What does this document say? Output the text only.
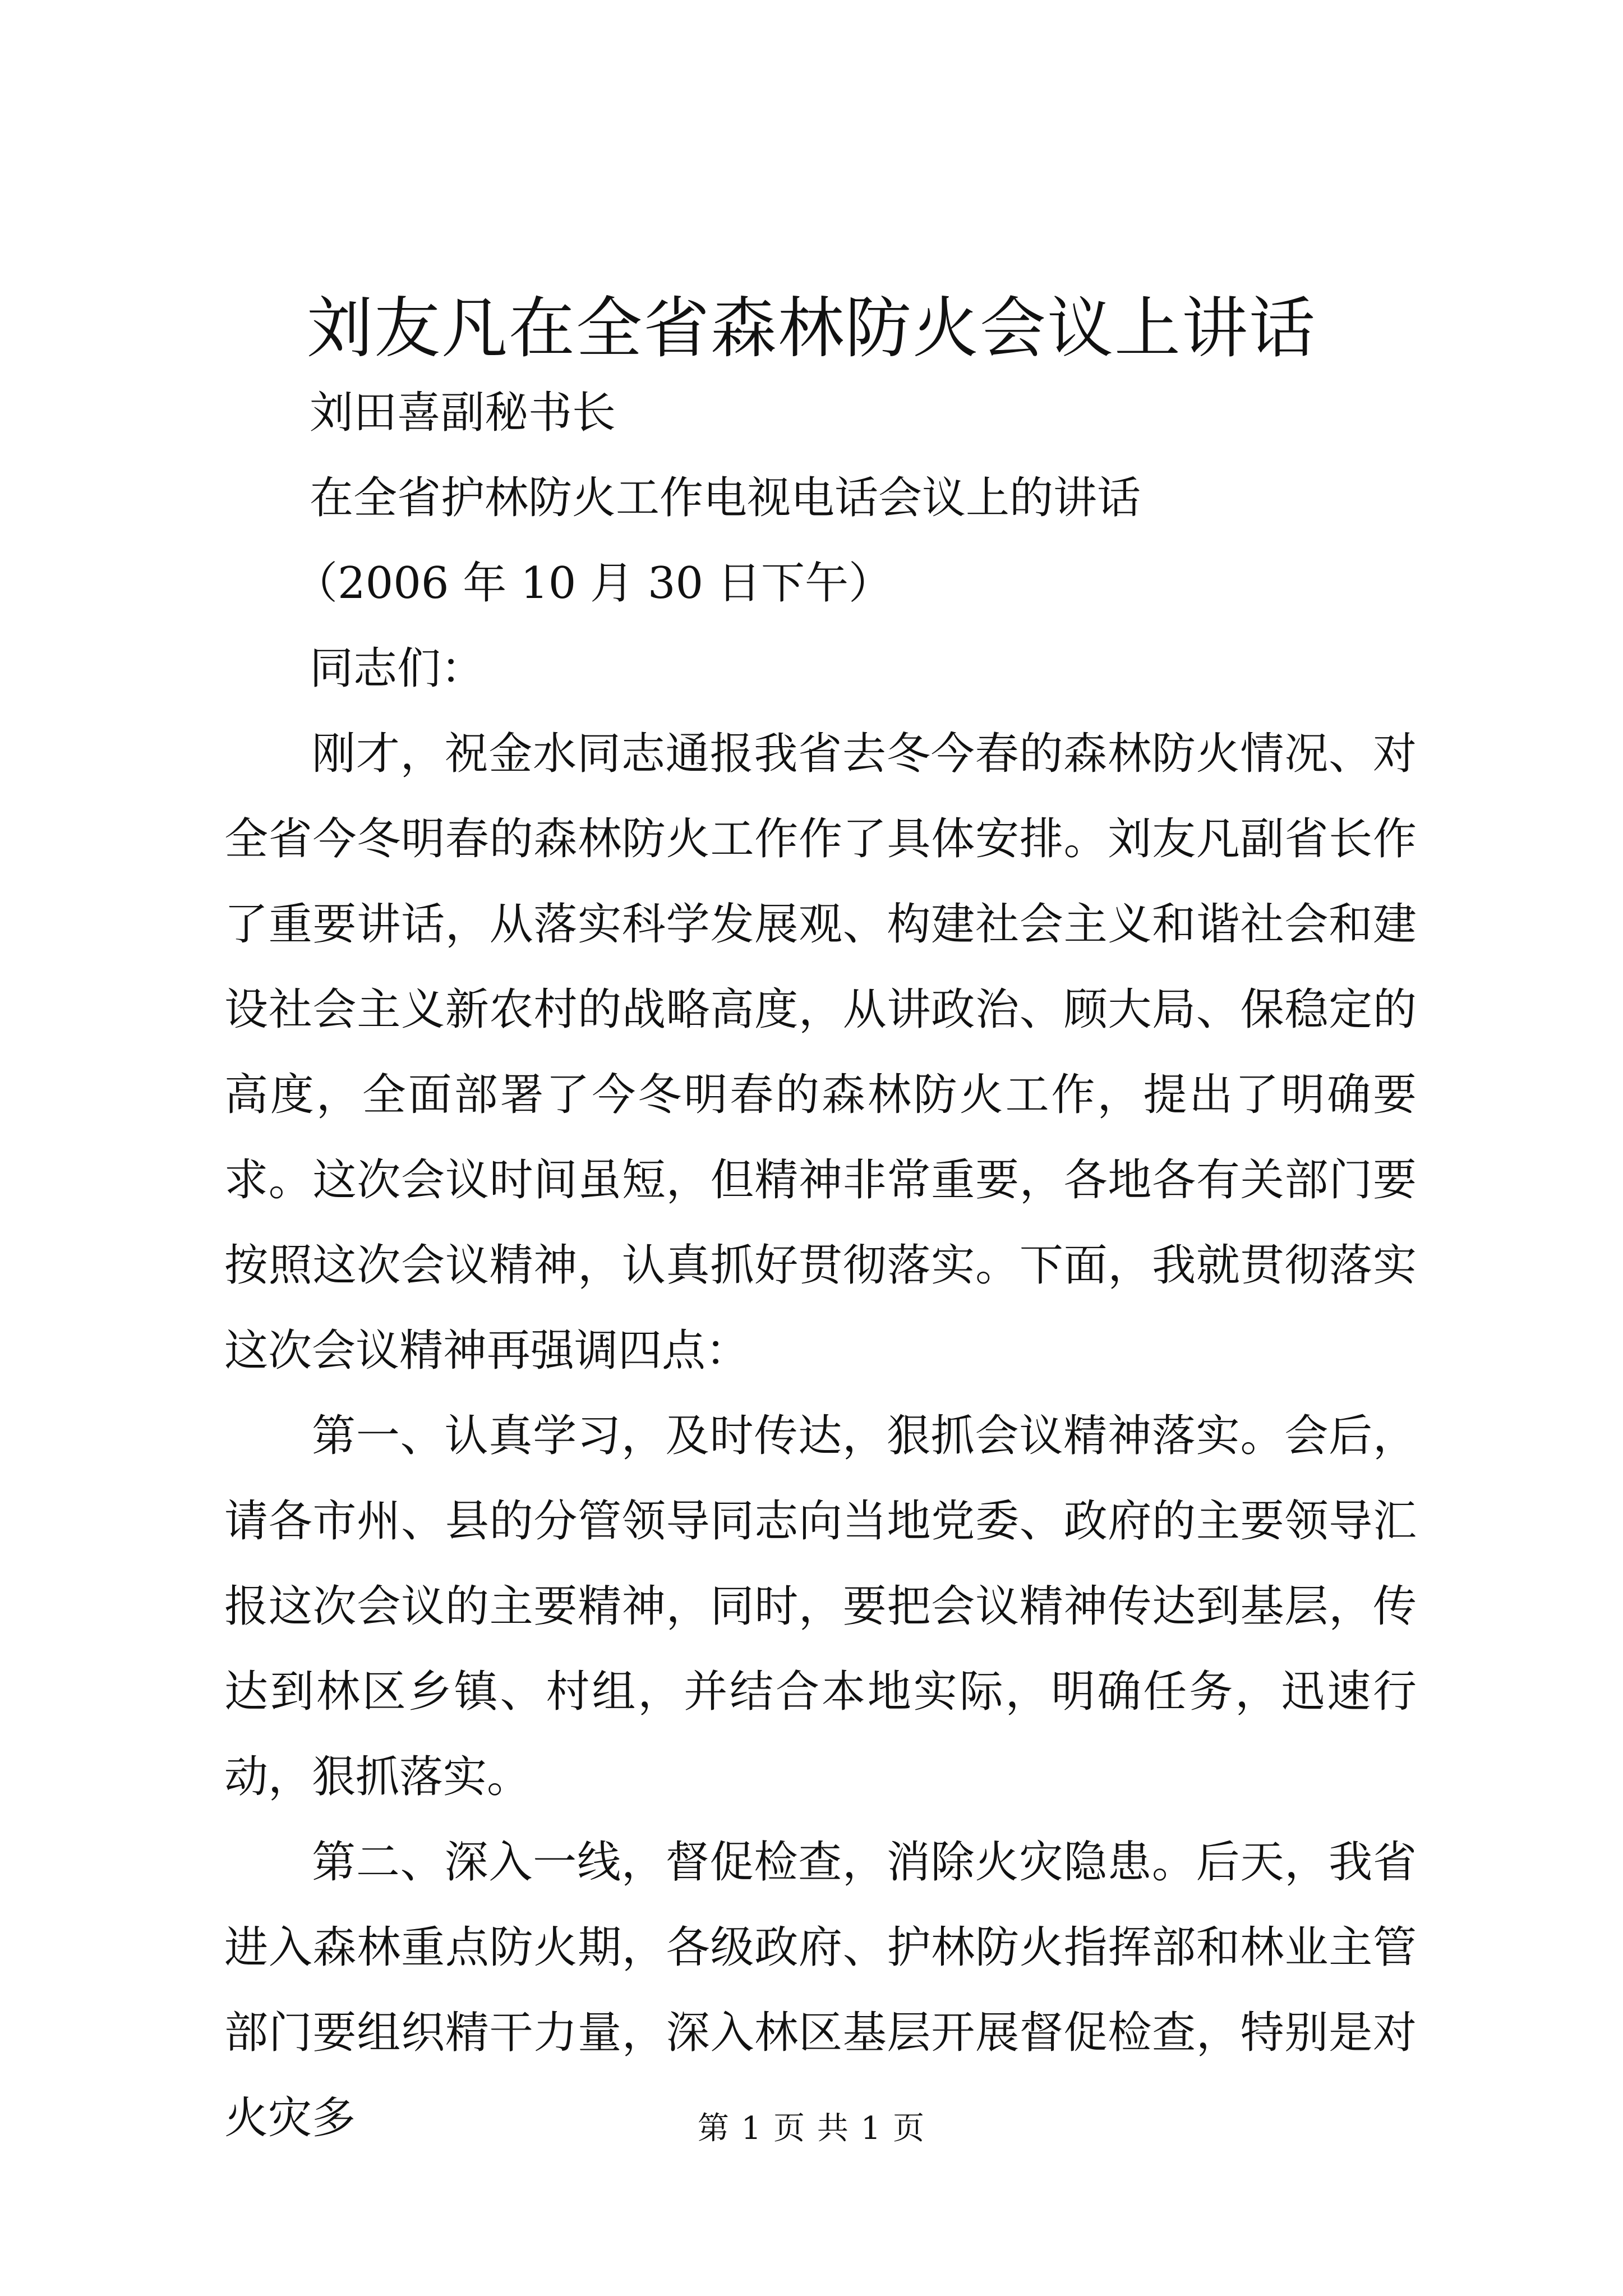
刘友凡在全省森林防火会议上讲话

刘田喜副秘书长

在全省护林防火工作电视电话会议上的讲话

（2006 年 10 月 30 日下午）

同志们：

刚才，祝金水同志通报我省去冬今春的森林防火情况、对全省今冬明春的森林防火工作作了具体安排。刘友凡副省长作了重要讲话，从落实科学发展观、构建社会主义和谐社会和建设社会主义新农村的战略高度，从讲政治、顾大局、保稳定的高度，全面部署了今冬明春的森林防火工作，提出了明确要求。这次会议时间虽短，但精神非常重要，各地各有关部门要按照这次会议精神，认真抓好贯彻落实。下面，我就贯彻落实这次会议精神再强调四点：

第一、认真学习，及时传达，狠抓会议精神落实。会后，请各市州、县的分管领导同志向当地党委、政府的主要领导汇报这次会议的主要精神，同时，要把会议精神传达到基层，传达到林区乡镇、村组，并结合本地实际，明确任务，迅速行动，狠抓落实。

第二、深入一线，督促检查，消除火灾隐患。后天，我省进入森林重点防火期，各级政府、护林防火指挥部和林业主管部门要组织精干力量，深入林区基层开展督促检查，特别是对火灾多	第 1 页 共 1 页
